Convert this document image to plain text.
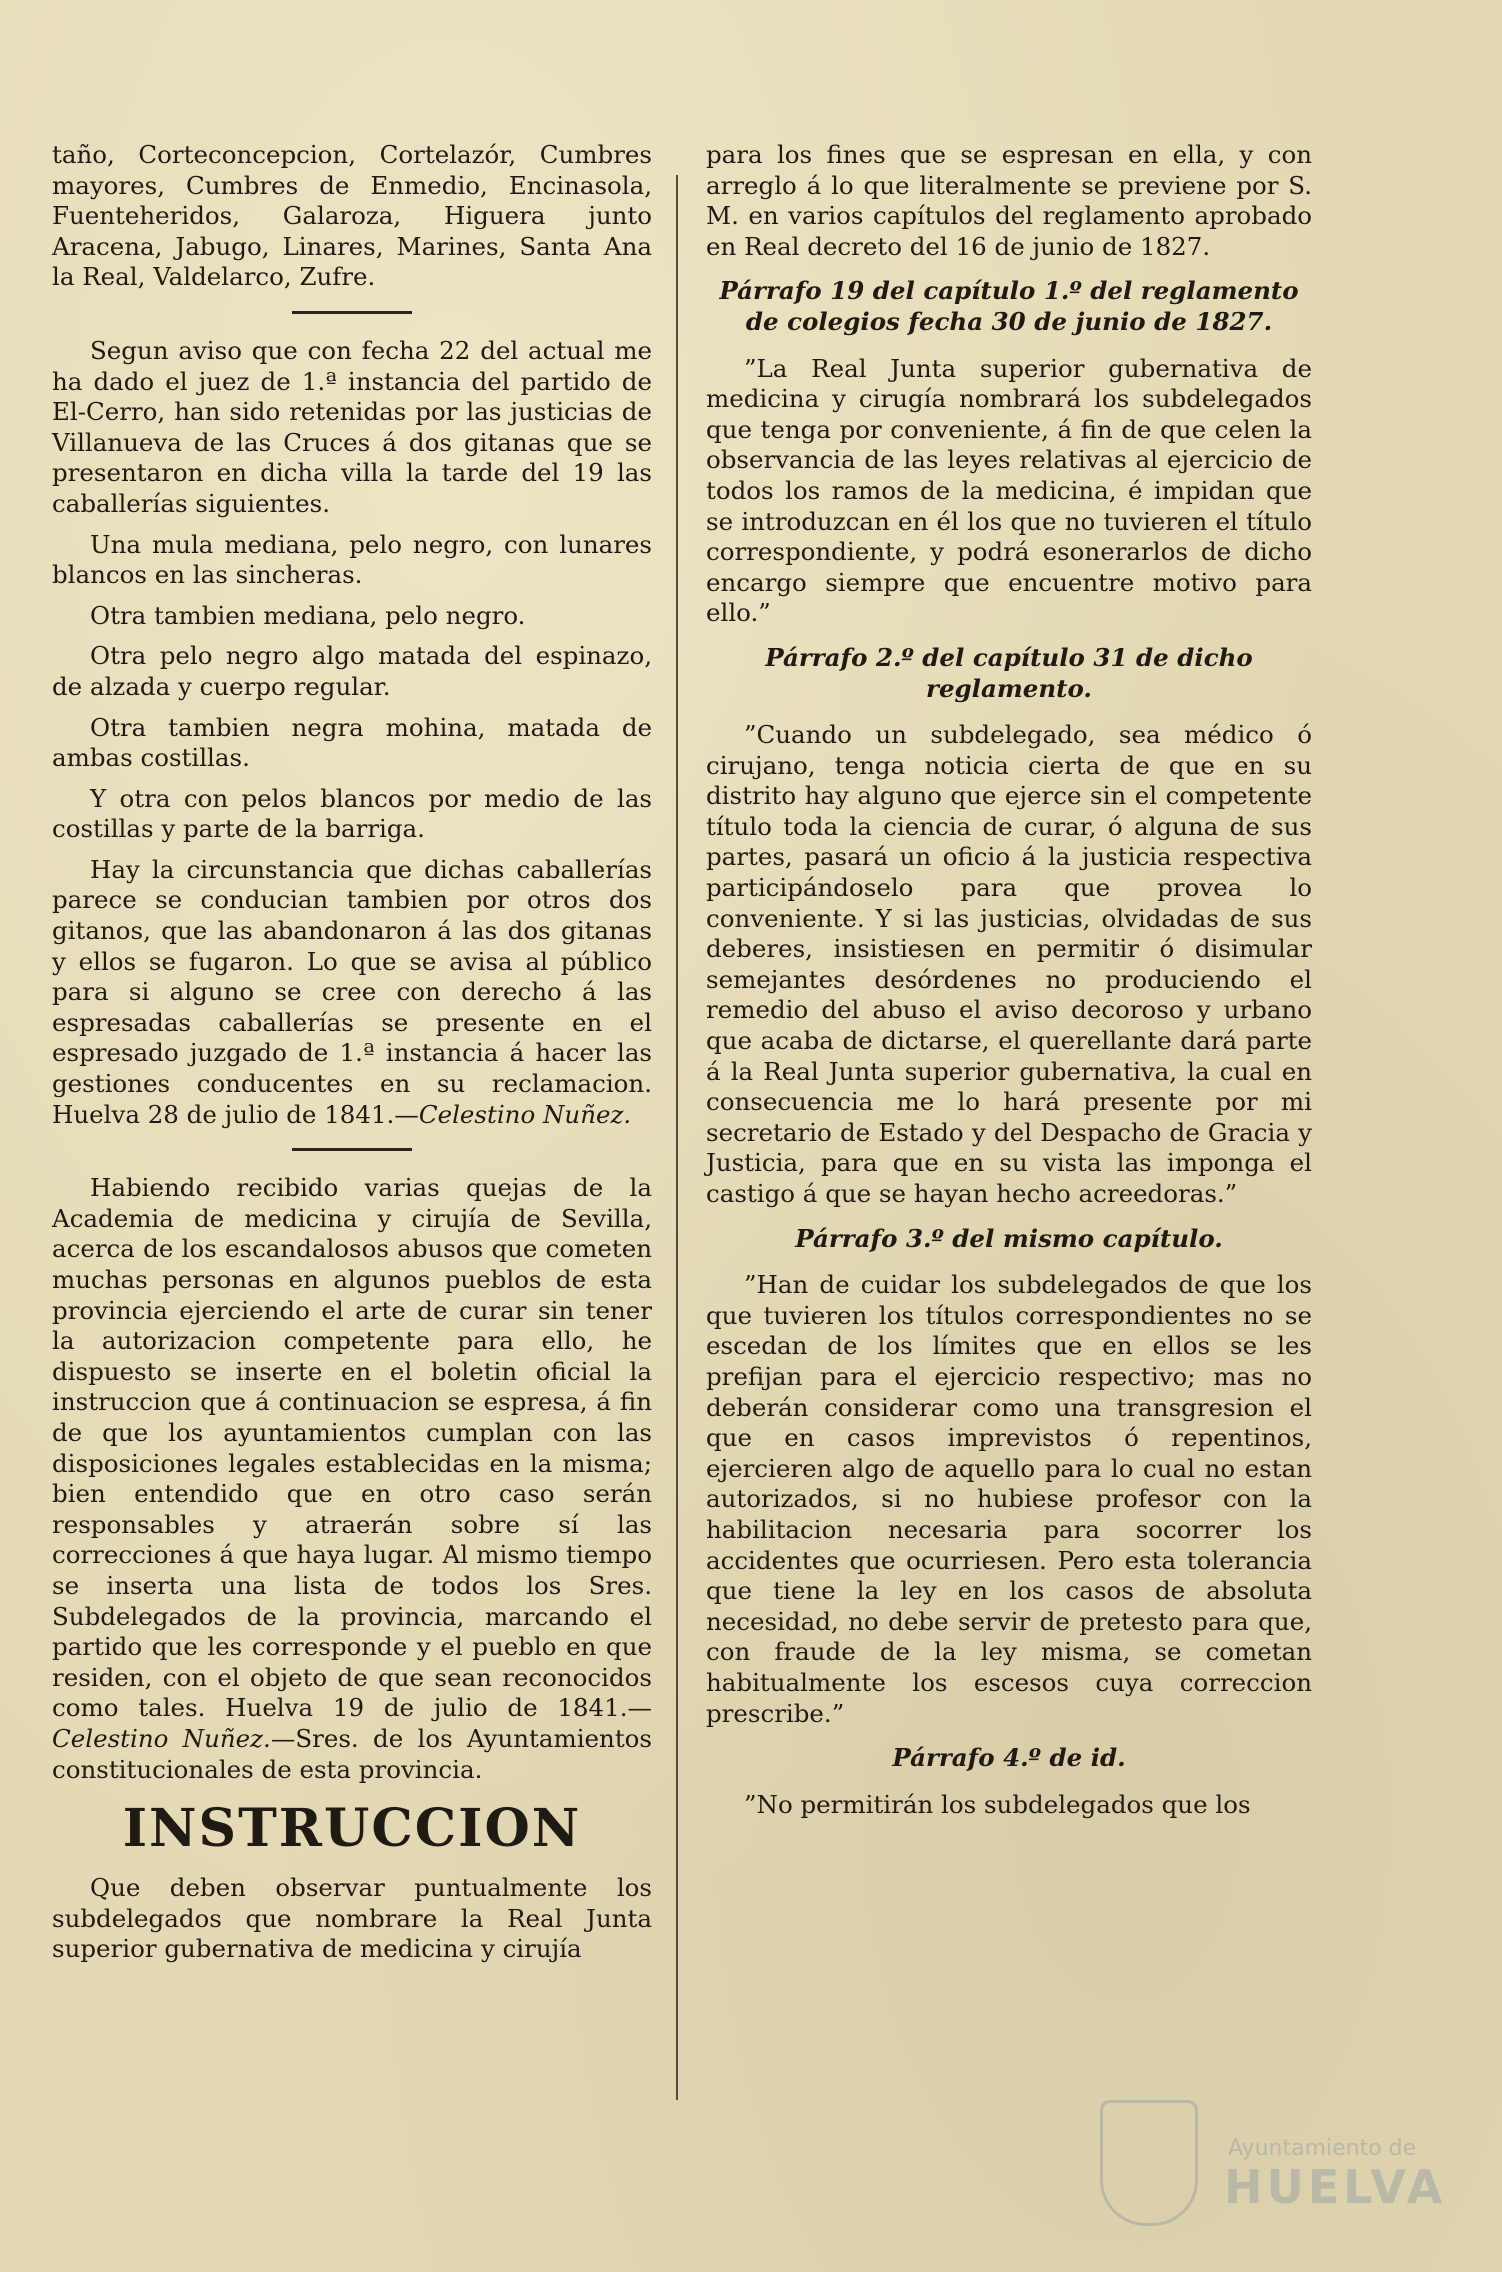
taño, Corteconcepcion, Cortelazór, Cumbres mayores, Cumbres de Enmedio, Encinasola, Fuenteheridos, Galaroza, Higuera junto Aracena, Jabugo, Linares, Marines, Santa Ana la Real, Valdelarco, Zufre.

Segun aviso que con fecha 22 del actual me ha dado el juez de 1.ª instancia del partido de El-Cerro, han sido retenidas por las justicias de Villanueva de las Cruces á dos gitanas que se presentaron en dicha villa la tarde del 19 las caballerías siguientes.

Una mula mediana, pelo negro, con lunares blancos en las sincheras.

Otra tambien mediana, pelo negro.

Otra pelo negro algo matada del espinazo, de alzada y cuerpo regular.

Otra tambien negra mohina, matada de ambas costillas.

Y otra con pelos blancos por medio de las costillas y parte de la barriga.

Hay la circunstancia que dichas caballerías parece se conducian tambien por otros dos gitanos, que las abandonaron á las dos gitanas y ellos se fugaron. Lo que se avisa al público para si alguno se cree con derecho á las espresadas caballerías se presente en el espresado juzgado de 1.ª instancia á hacer las gestiones conducentes en su reclamacion. Huelva 28 de julio de 1841.—Celestino Nuñez.

Habiendo recibido varias quejas de la Academia de medicina y cirujía de Sevilla, acerca de los escandalosos abusos que cometen muchas personas en algunos pueblos de esta provincia ejerciendo el arte de curar sin tener la autorizacion competente para ello, he dispuesto se inserte en el boletin oficial la instruccion que á continuacion se espresa, á fin de que los ayuntamientos cumplan con las disposiciones legales establecidas en la misma; bien entendido que en otro caso serán responsables y atraerán sobre sí las correcciones á que haya lugar. Al mismo tiempo se inserta una lista de todos los Sres. Subdelegados de la provincia, marcando el partido que les corresponde y el pueblo en que residen, con el objeto de que sean reconocidos como tales. Huelva 19 de julio de 1841.—Celestino Nuñez.—Sres. de los Ayuntamientos constitucionales de esta provincia.

INSTRUCCION

Que deben observar puntualmente los subdelegados que nombrare la Real Junta superior gubernativa de medicina y cirujía

para los fines que se espresan en ella, y con arreglo á lo que literalmente se previene por S. M. en varios capítulos del reglamento aprobado en Real decreto del 16 de junio de 1827.

Párrafo 19 del capítulo 1.º del reglamento de colegios fecha 30 de junio de 1827.

”La Real Junta superior gubernativa de medicina y cirugía nombrará los subdelegados que tenga por conveniente, á fin de que celen la observancia de las leyes relativas al ejercicio de todos los ramos de la medicina, é impidan que se introduzcan en él los que no tuvieren el título correspondiente, y podrá esonerarlos de dicho encargo siempre que encuentre motivo para ello.”

Párrafo 2.º del capítulo 31 de dicho reglamento.

”Cuando un subdelegado, sea médico ó cirujano, tenga noticia cierta de que en su distrito hay alguno que ejerce sin el competente título toda la ciencia de curar, ó alguna de sus partes, pasará un oficio á la justicia respectiva participándoselo para que provea lo conveniente. Y si las justicias, olvidadas de sus deberes, insistiesen en permitir ó disimular semejantes desórdenes no produciendo el remedio del abuso el aviso decoroso y urbano que acaba de dictarse, el querellante dará parte á la Real Junta superior gubernativa, la cual en consecuencia me lo hará presente por mi secretario de Estado y del Despacho de Gracia y Justicia, para que en su vista las imponga el castigo á que se hayan hecho acreedoras.”

Párrafo 3.º del mismo capítulo.

”Han de cuidar los subdelegados de que los que tuvieren los títulos correspondientes no se escedan de los límites que en ellos se les prefijan para el ejercicio respectivo; mas no deberán considerar como una transgresion el que en casos imprevistos ó repentinos, ejercieren algo de aquello para lo cual no estan autorizados, si no hubiese profesor con la habilitacion necesaria para socorrer los accidentes que ocurriesen. Pero esta tolerancia que tiene la ley en los casos de absoluta necesidad, no debe servir de pretesto para que, con fraude de la ley misma, se cometan habitualmente los escesos cuya correccion prescribe.”

Párrafo 4.º de id.

”No permitirán los subdelegados que los

Ayuntamiento de
HUELVA
